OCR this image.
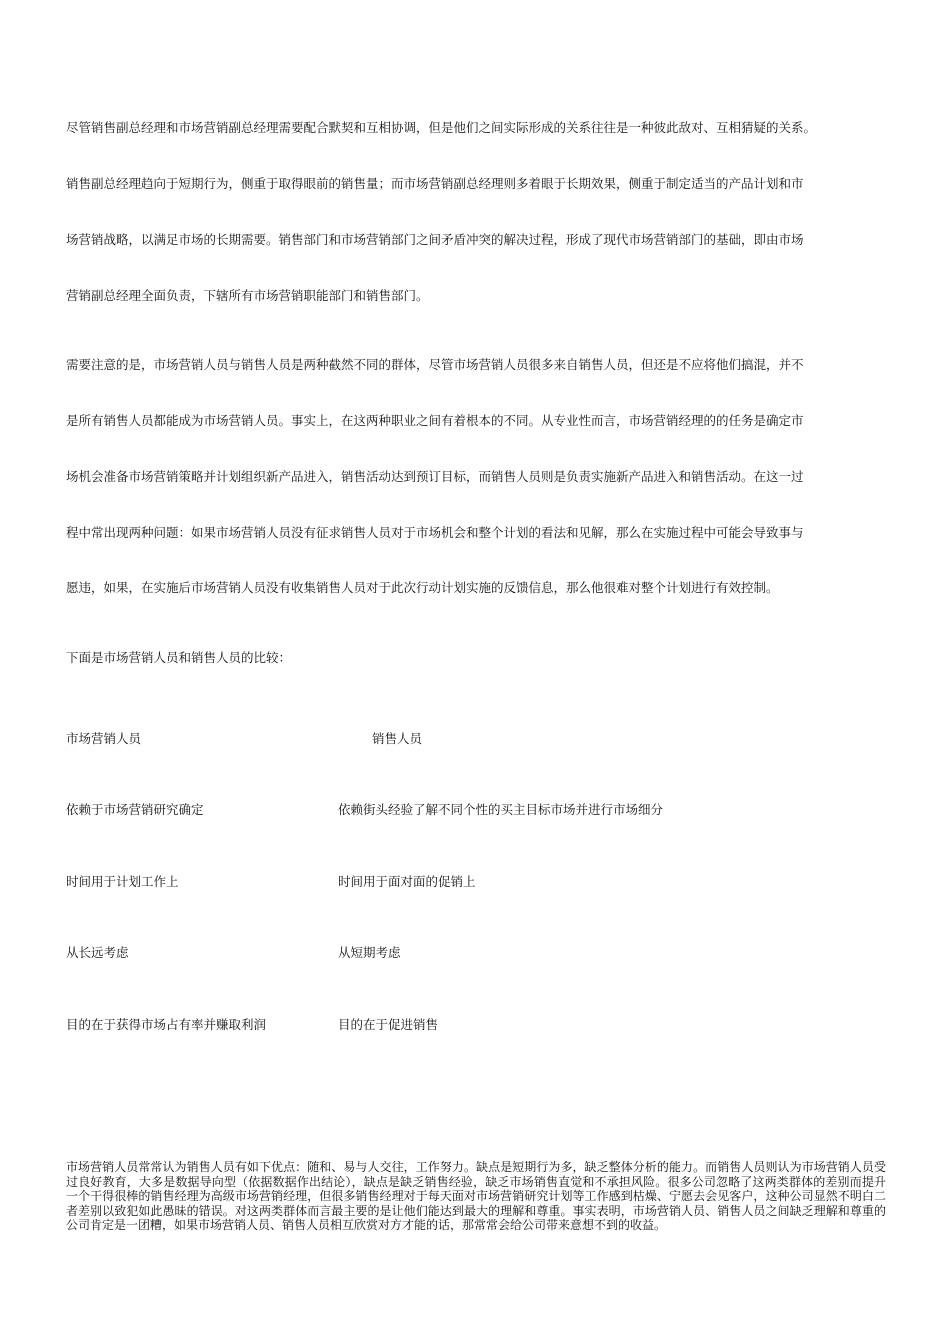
尽管销售副总经理和市场营销副总经理需要配合默契和互相协调，但是他们之间实际形成的关系往往是一种彼此敌对、互相猜疑的关系。
销售副总经理趋向于短期行为，侧重于取得眼前的销售量；而市场营销副总经理则多着眼于长期效果，侧重于制定适当的产品计划和市
场营销战略，以满足市场的长期需要。销售部门和市场营销部门之间矛盾冲突的解决过程，形成了现代市场营销部门的基础，即由市场
营销副总经理全面负责，下辖所有市场营销职能部门和销售部门。
需要注意的是，市场营销人员与销售人员是两种截然不同的群体，尽管市场营销人员很多来自销售人员，但还是不应将他们搞混，并不
是所有销售人员都能成为市场营销人员。事实上，在这两种职业之间有着根本的不同。从专业性而言，市场营销经理的的任务是确定市
场机会准备市场营销策略并计划组织新产品进入，销售活动达到预订目标，而销售人员则是负责实施新产品进入和销售活动。在这一过
程中常出现两种问题：如果市场营销人员没有征求销售人员对于市场机会和整个计划的看法和见解，那么在实施过程中可能会导致事与
愿违，如果，在实施后市场营销人员没有收集销售人员对于此次行动计划实施的反馈信息，那么他很难对整个计划进行有效控制。
下面是市场营销人员和销售人员的比较：
市场营销人员	销售人员
依赖于市场营销研究确定	依赖街头经验了解不同个性的买主目标市场并进行市场细分
时间用于计划工作上	时间用于面对面的促销上
从长远考虑	从短期考虑
目的在于获得市场占有率并赚取利润	目的在于促进销售
市场营销人员常常认为销售人员有如下优点：随和、易与人交往，工作努力。缺点是短期行为多，缺乏整体分析的能力。而销售人员则认为市场营销人员受过良好教育，大多是数据导向型（依据数据作出结论），缺点是缺乏销售经验，缺乏市场销售直觉和不承担风险。很多公司忽略了这两类群体的差别而提升一个干得很棒的销售经理为高级市场营销经理，但很多销售经理对于每天面对市场营销研究计划等工作感到枯燥、宁愿去会见客户，这种公司显然不明白二者差别以致犯如此愚昧的错误。对这两类群体而言最主要的是让他们能达到最大的理解和尊重。事实表明，市场营销人员、销售人员之间缺乏理解和尊重的公司肯定是一团糟，如果市场营销人员、销售人员相互欣赏对方才能的话，那常常会给公司带来意想不到的收益。
